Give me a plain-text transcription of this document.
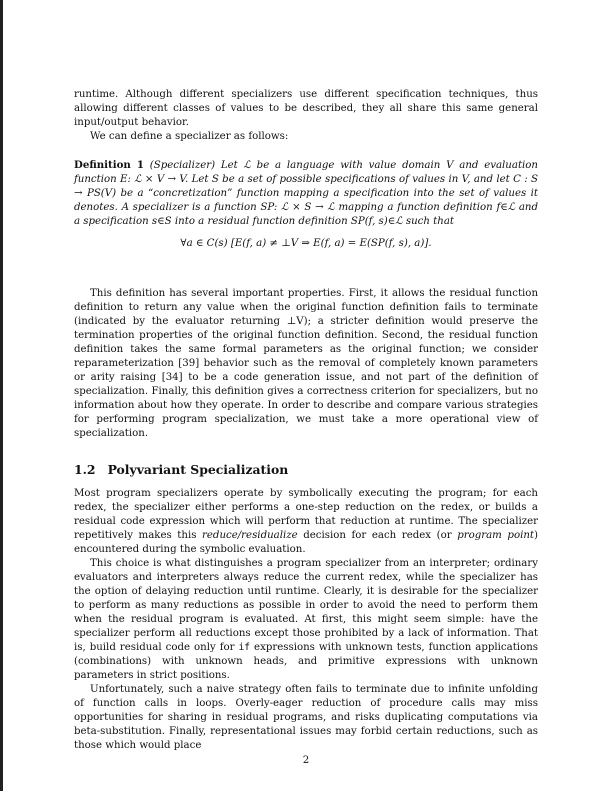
runtime. Although different specializers use different specification techniques, thus allowing different classes of values to be described, they all share this same general input/output behavior.

We can define a specializer as follows:

Definition 1 (Specializer) Let ℒ be a language with value domain V and evaluation function E: ℒ × V → V. Let S be a set of possible specifications of values in V, and let C : S → PS(V) be a “concretization” function mapping a specification into the set of values it denotes. A specializer is a function SP: ℒ × S → ℒ mapping a function definition f∈ℒ and a specification s∈S into a residual function definition SP(f, s)∈ℒ such that

∀a ∈ C(s) [E(f, a) ≠ ⊥V ⇒ E(f, a) = E(SP(f, s), a)].

This definition has several important properties. First, it allows the residual function definition to return any value when the original function definition fails to terminate (indicated by the evaluator returning ⊥V); a stricter definition would preserve the termination properties of the original function definition. Second, the residual function definition takes the same formal parameters as the original function; we consider reparameterization [39] behavior such as the removal of completely known parameters or arity raising [34] to be a code generation issue, and not part of the definition of specialization. Finally, this definition gives a correctness criterion for specializers, but no information about how they operate. In order to describe and compare various strategies for performing program specialization, we must take a more operational view of specialization.

1.2 Polyvariant Specialization

Most program specializers operate by symbolically executing the program; for each redex, the specializer either performs a one-step reduction on the redex, or builds a residual code expression which will perform that reduction at runtime. The specializer repetitively makes this reduce/residualize decision for each redex (or program point) encountered during the symbolic evaluation.

This choice is what distinguishes a program specializer from an interpreter; ordinary evaluators and interpreters always reduce the current redex, while the specializer has the option of delaying reduction until runtime. Clearly, it is desirable for the specializer to perform as many reductions as possible in order to avoid the need to perform them when the residual program is evaluated. At first, this might seem simple: have the specializer perform all reductions except those prohibited by a lack of information. That is, build residual code only for if expressions with unknown tests, function applications (combinations) with unknown heads, and primitive expressions with unknown parameters in strict positions.

Unfortunately, such a naive strategy often fails to terminate due to infinite unfolding of function calls in loops. Overly-eager reduction of procedure calls may miss opportunities for sharing in residual programs, and risks duplicating computations via beta-substitution. Finally, representational issues may forbid certain reductions, such as those which would place

2
